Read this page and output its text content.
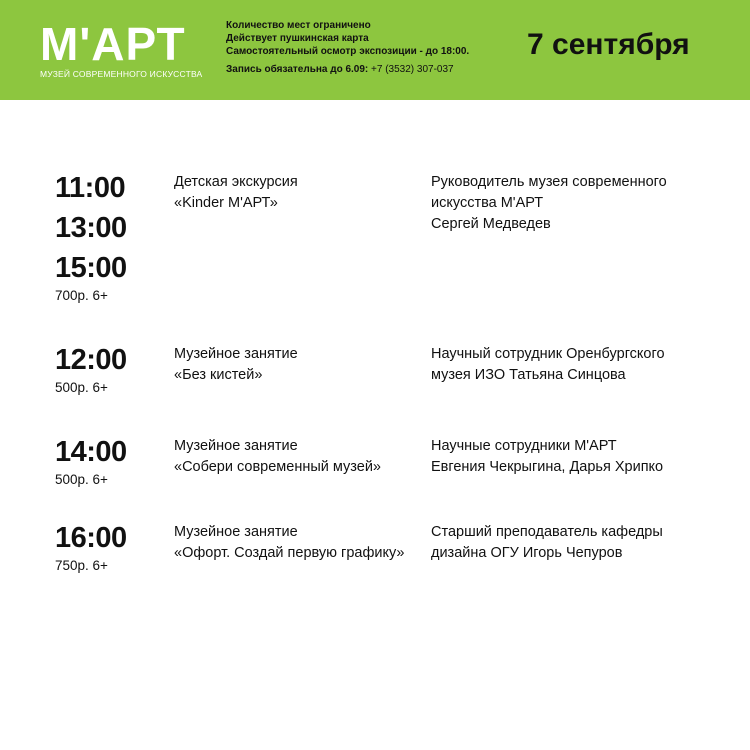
М'АРТ
МУЗЕЙ СОВРЕМЕННОГО ИСКУССТВА
Количество мест ограничено
Действует пушкинская карта
Самостоятельный осмотр экспозиции - до 18:00.
Запись обязательна до 6.09: +7 (3532) 307-037
7 сентября
11:00
13:00
15:00
700р. 6+
Детская экскурсия
«Kinder М'АРТ»
Руководитель музея современного
искусства М'АРТ
Сергей Медведев
12:00
500р. 6+
Музейное занятие
«Без кистей»
Научный сотрудник Оренбургского
музея ИЗО Татьяна Синцова
14:00
500р. 6+
Музейное занятие
«Собери современный музей»
Научные сотрудники М'АРТ
Евгения Чекрыгина, Дарья Хрипко
16:00
750р. 6+
Музейное занятие
«Офорт. Создай первую графику»
Старший преподаватель кафедры
дизайна ОГУ Игорь Чепуров
